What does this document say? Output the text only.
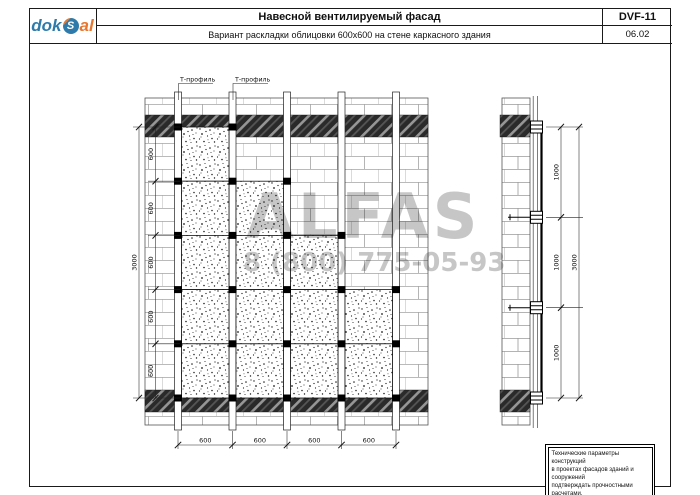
dok S al	Навесной вентилируемый фасад
Вариант раскладки облицовки 600х600 на стене каркасного здания
DVF-11
06.02
Т-профиль	Т-профиль
600
600
600
600
600
3000
600	600	600	600
1000
1000
1000
3000
ALFAS
8 (800) 775-05-93
Технические параметры конструкций
в проектах фасадов зданий и сооружений
подтверждать прочностными расчетами.
